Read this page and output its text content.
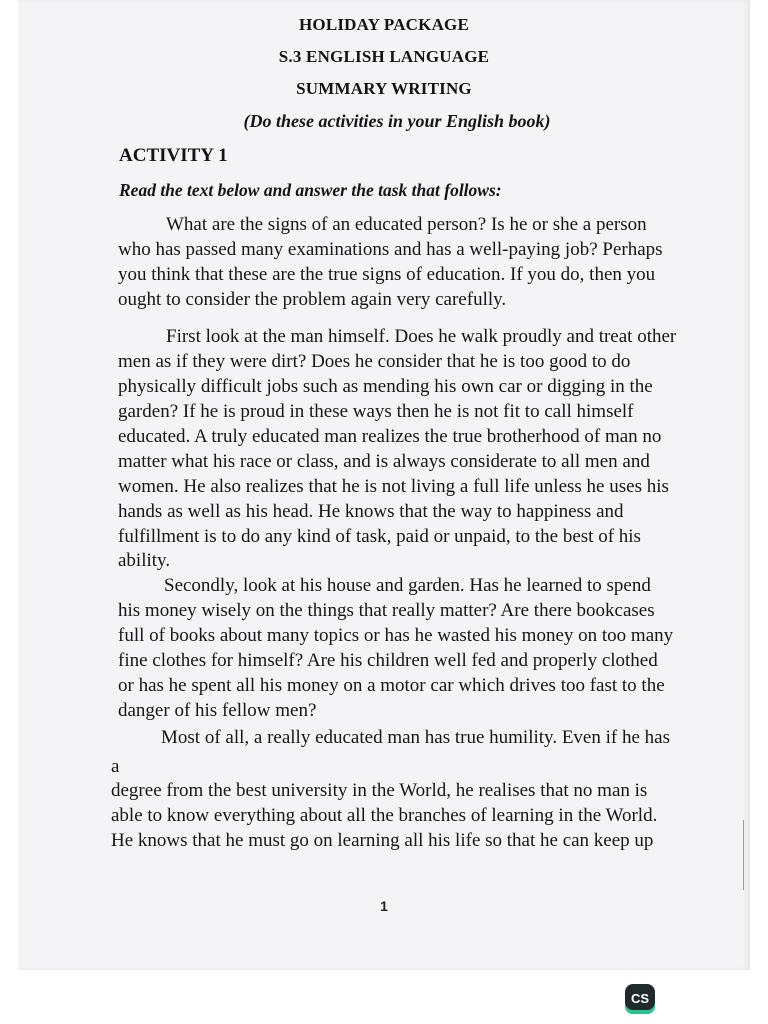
HOLIDAY PACKAGE
S.3 ENGLISH LANGUAGE
SUMMARY WRITING
(Do these activities in your English book)
ACTIVITY 1
Read the text below and answer the task that follows:
What are the signs of an educated person? Is he or she a person
who has passed many examinations and has a well-paying job? Perhaps
you think that these are the true signs of education. If you do, then you
ought to consider the problem again very carefully.
First look at the man himself. Does he walk proudly and treat other
men as if they were dirt? Does he consider that he is too good to do
physically difficult jobs such as mending his own car or digging in the
garden? If he is proud in these ways then he is not fit to call himself
educated. A truly educated man realizes the true brotherhood of man no
matter what his race or class, and is always considerate to all men and
women. He also realizes that he is not living a full life unless he uses his
hands as well as his head. He knows that the way to happiness and
fulfillment is to do any kind of task, paid or unpaid, to the best of his
ability.
Secondly, look at his house and garden. Has he learned to spend
his money wisely on the things that really matter? Are there bookcases
full of books about many topics or has he wasted his money on too many
fine clothes for himself? Are his children well fed and properly clothed
or has he spent all his money on a motor car which drives too fast to the
danger of his fellow men?
Most of all, a really educated man has true humility. Even if he has
a
degree from the best university in the World, he realises that no man is
able to know everything about all the branches of learning in the World.
He knows that he must go on learning all his life so that he can keep up
1
CS
